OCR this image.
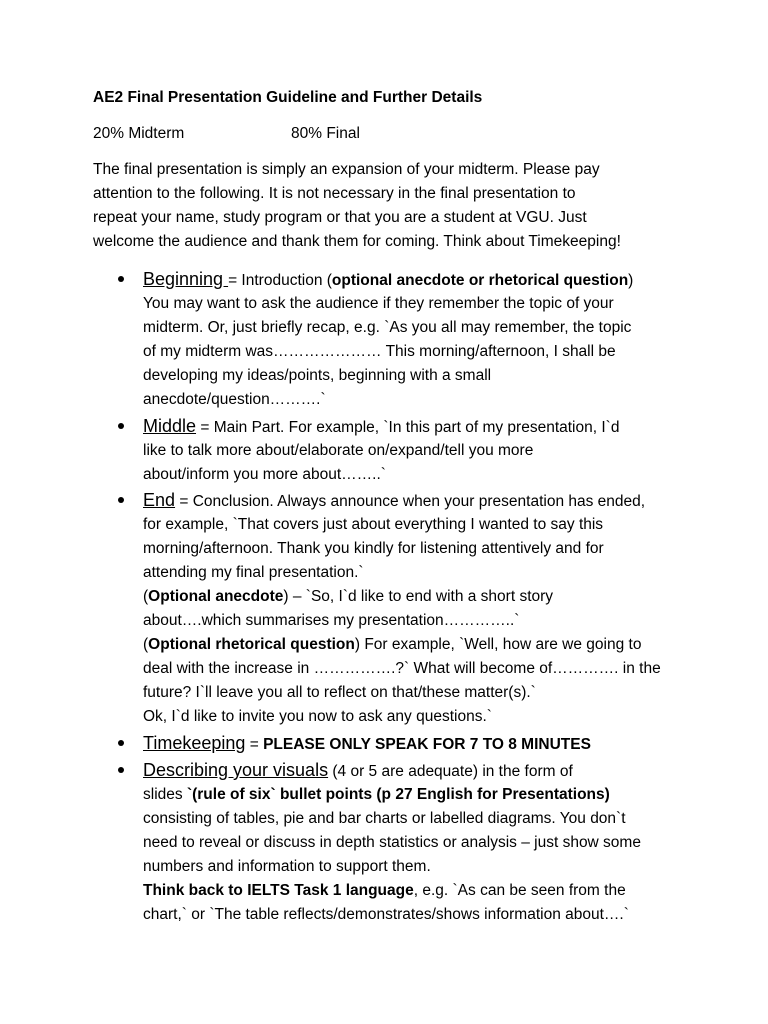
AE2 Final Presentation Guideline and Further Details
20% Midterm	80% Final
The final presentation is simply an expansion of your midterm. Please pay
attention to the following. It is not necessary in the final presentation to
repeat your name, study program or that you are a student at VGU. Just
welcome the audience and thank them for coming. Think about Timekeeping!
Beginning = Introduction (optional anecdote or rhetorical question)
You may want to ask the audience if they remember the topic of your
midterm. Or, just briefly recap, e.g. `As you all may remember, the topic
of my midterm was………………… This morning/afternoon, I shall be
developing my ideas/points, beginning with a small
anecdote/question……….`
Middle = Main Part. For example, `In this part of my presentation, I`d
like to talk more about/elaborate on/expand/tell you more
about/inform you more about……..`
End = Conclusion. Always announce when your presentation has ended,
for example, `That covers just about everything I wanted to say this
morning/afternoon. Thank you kindly for listening attentively and for
attending my final presentation.`
(Optional anecdote) – `So, I`d like to end with a short story
about….which summarises my presentation…………..`
(Optional rhetorical question) For example, `Well, how are we going to
deal with the increase in …………….?` What will become of…………. in the
future? I`ll leave you all to reflect on that/these matter(s).`
Ok, I`d like to invite you now to ask any questions.`
Timekeeping = PLEASE ONLY SPEAK FOR 7 TO 8 MINUTES
Describing your visuals (4 or 5 are adequate) in the form of
slides `(rule of six` bullet points (p 27 English for Presentations)
consisting of tables, pie and bar charts or labelled diagrams. You don`t
need to reveal or discuss in depth statistics or analysis – just show some
numbers and information to support them.
Think back to IELTS Task 1 language, e.g. `As can be seen from the
chart,` or `The table reflects/demonstrates/shows information about….`
